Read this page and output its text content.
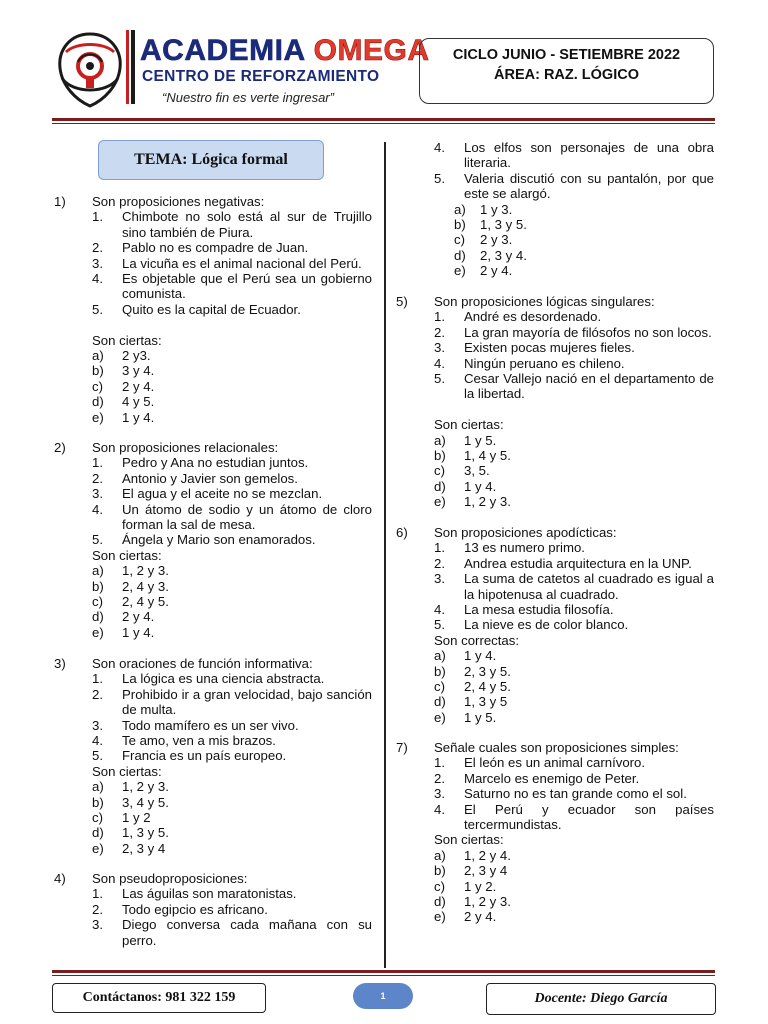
ACADEMIA OMEGA
CENTRO DE REFORZAMIENTO
“Nuestro fin es verte ingresar”
CICLO JUNIO - SETIEMBRE 2022
ÁREA: RAZ. LÓGICO
TEMA: Lógica formal
1) Son proposiciones negativas:
1.	Chimbote no solo está al sur de Trujillo sino también de Piura.
2.	Pablo no es compadre de Juan.
3.	La vicuña es el animal nacional del Perú.
4.	Es objetable que el Perú sea un gobierno comunista.
5.	Quito es la capital de Ecuador.
Son ciertas:
a)	2 y3.
b)	3 y 4.
c)	2 y 4.
d)	4 y 5.
e)	1 y 4.
2) Son proposiciones relacionales:
1.	Pedro y Ana no estudian juntos.
2.	Antonio y Javier son gemelos.
3.	El agua y el aceite no se mezclan.
4.	Un átomo de sodio y un átomo de cloro forman la sal de mesa.
5.	Ángela y Mario son enamorados.
Son ciertas:
a)	1, 2 y 3.
b)	2, 4 y 3.
c)	2, 4 y 5.
d)	2 y 4.
e)	1 y 4.
3) Son oraciones de función informativa:
1.	La lógica es una ciencia abstracta.
2.	Prohibido ir a gran velocidad, bajo sanción de multa.
3.	Todo mamífero es un ser vivo.
4.	Te amo, ven a mis brazos.
5.	Francia es un país europeo.
Son ciertas:
a)	1, 2 y 3.
b)	3, 4 y 5.
c)	1 y 2
d)	1, 3 y 5.
e)	2, 3 y 4
4) Son pseudoproposiciones:
1.	Las águilas son maratonistas.
2.	Todo egipcio es africano.
3.	Diego conversa cada mañana con su perro.
4.	Los elfos son personajes de una obra literaria.
5.	Valeria discutió con su pantalón, por que este se alargó.
a)	1 y 3.
b)	1, 3 y 5.
c)	2 y 3.
d)	2, 3 y 4.
e)	2 y 4.
5) Son proposiciones lógicas singulares:
1.	André es desordenado.
2.	La gran mayoría de filósofos no son locos.
3.	Existen pocas mujeres fieles.
4.	Ningún peruano es chileno.
5.	Cesar Vallejo nació en el departamento de la libertad.
Son ciertas:
a)	1 y 5.
b)	1, 4 y 5.
c)	3, 5.
d)	1 y 4.
e)	1, 2 y 3.
6) Son proposiciones apodícticas:
1.	13 es numero primo.
2.	Andrea estudia arquitectura en la UNP.
3.	La suma de catetos al cuadrado es igual a la hipotenusa al cuadrado.
4.	La mesa estudia filosofía.
5.	La nieve es de color blanco.
Son correctas:
a)	1 y 4.
b)	2, 3 y 5.
c)	2, 4 y 5.
d)	1, 3 y 5
e)	1 y 5.
7) Señale cuales son proposiciones simples:
1.	El león es un animal carnívoro.
2.	Marcelo es enemigo de Peter.
3.	Saturno no es tan grande como el sol.
4.	El Perú y ecuador son países tercermundistas.
Son ciertas:
a)	1, 2 y 4.
b)	2, 3 y 4
c)	1 y 2.
d)	1, 2 y 3.
e)	2 y 4.
Contáctanos: 981 322 159	1	Docente: Diego García
